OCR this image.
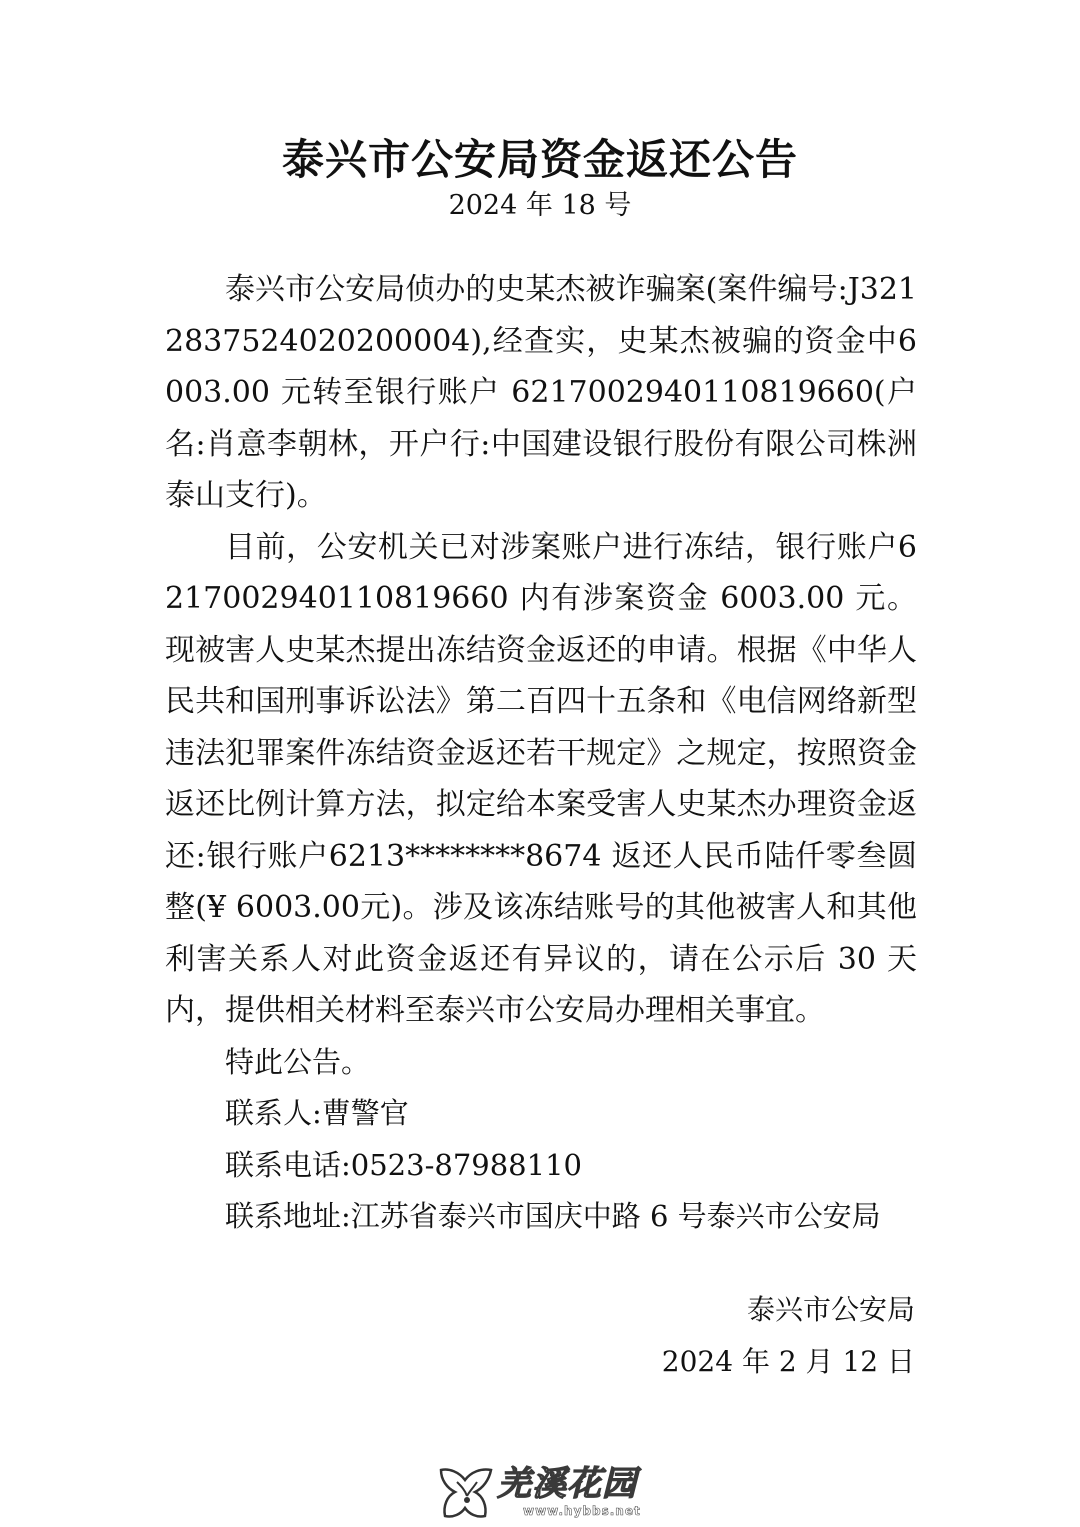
泰兴市公安局资金返还公告
2024 年 18 号

泰兴市公安局侦办的史某杰被诈骗案(案件编号:J3212837524020200004),经查实，史某杰被骗的资金中6003.00 元转至银行账户 6217002940110819660(户名:肖意李朝林，开户行:中国建设银行股份有限公司株洲泰山支行)。

目前，公安机关已对涉案账户进行冻结，银行账户6217002940110819660 内有涉案资金 6003.00 元。现被害人史某杰提出冻结资金返还的申请。根据《中华人民共和国刑事诉讼法》第二百四十五条和《电信网络新型违法犯罪案件冻结资金返还若干规定》之规定，按照资金返还比例计算方法，拟定给本案受害人史某杰办理资金返还:银行账户6213********8674 返还人民币陆仟零叁圆整(¥ 6003.00元)。涉及该冻结账号的其他被害人和其他利害关系人对此资金返还有异议的，请在公示后 30 天内，提供相关材料至泰兴市公安局办理相关事宜。

特此公告。

联系人:曹警官

联系电话:0523-87988110

联系地址:江苏省泰兴市国庆中路 6 号泰兴市公安局

泰兴市公安局
2024 年 2 月 12 日
羌溪花园
www.hybbs.net
